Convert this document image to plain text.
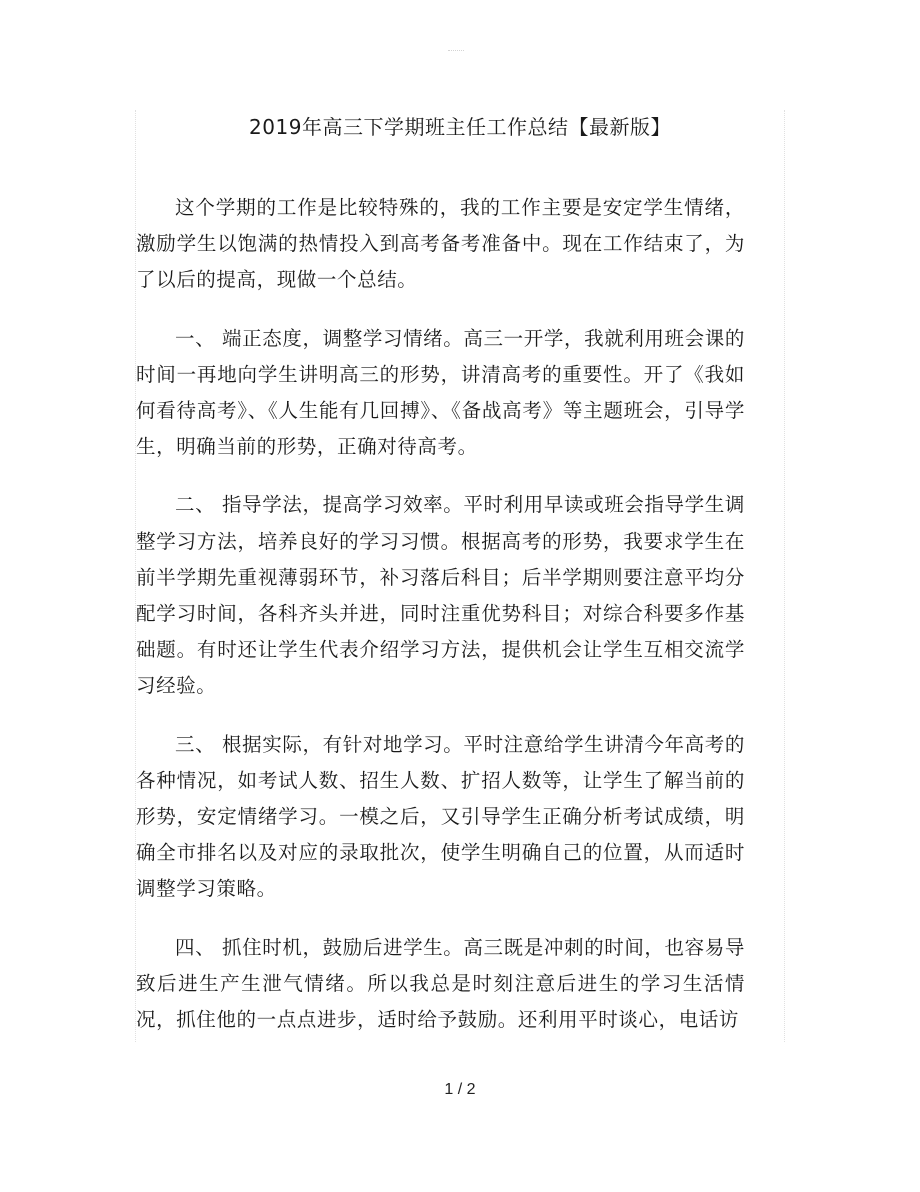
2019年高三下学期班主任工作总结【最新版】

这个学期的工作是比较特殊的，我的工作主要是安定学生情绪，激励学生以饱满的热情投入到高考备考准备中。现在工作结束了，为了以后的提高，现做一个总结。

一、 端正态度，调整学习情绪。高三一开学，我就利用班会课的时间一再地向学生讲明高三的形势，讲清高考的重要性。开了《我如何看待高考》、《人生能有几回搏》、《备战高考》等主题班会，引导学生，明确当前的形势，正确对待高考。

二、 指导学法，提高学习效率。平时利用早读或班会指导学生调整学习方法，培养良好的学习习惯。根据高考的形势，我要求学生在前半学期先重视薄弱环节，补习落后科目；后半学期则要注意平均分配学习时间，各科齐头并进，同时注重优势科目；对综合科要多作基础题。有时还让学生代表介绍学习方法，提供机会让学生互相交流学习经验。

三、 根据实际，有针对地学习。平时注意给学生讲清今年高考的各种情况，如考试人数、招生人数、扩招人数等，让学生了解当前的形势，安定情绪学习。一模之后，又引导学生正确分析考试成绩，明确全市排名以及对应的录取批次，使学生明确自己的位置，从而适时调整学习策略。

四、 抓住时机，鼓励后进学生。高三既是冲刺的时间，也容易导致后进生产生泄气情绪。所以我总是时刻注意后进生的学习生活情况，抓住他的一点点进步，适时给予鼓励。还利用平时谈心，电话访

1 / 2
